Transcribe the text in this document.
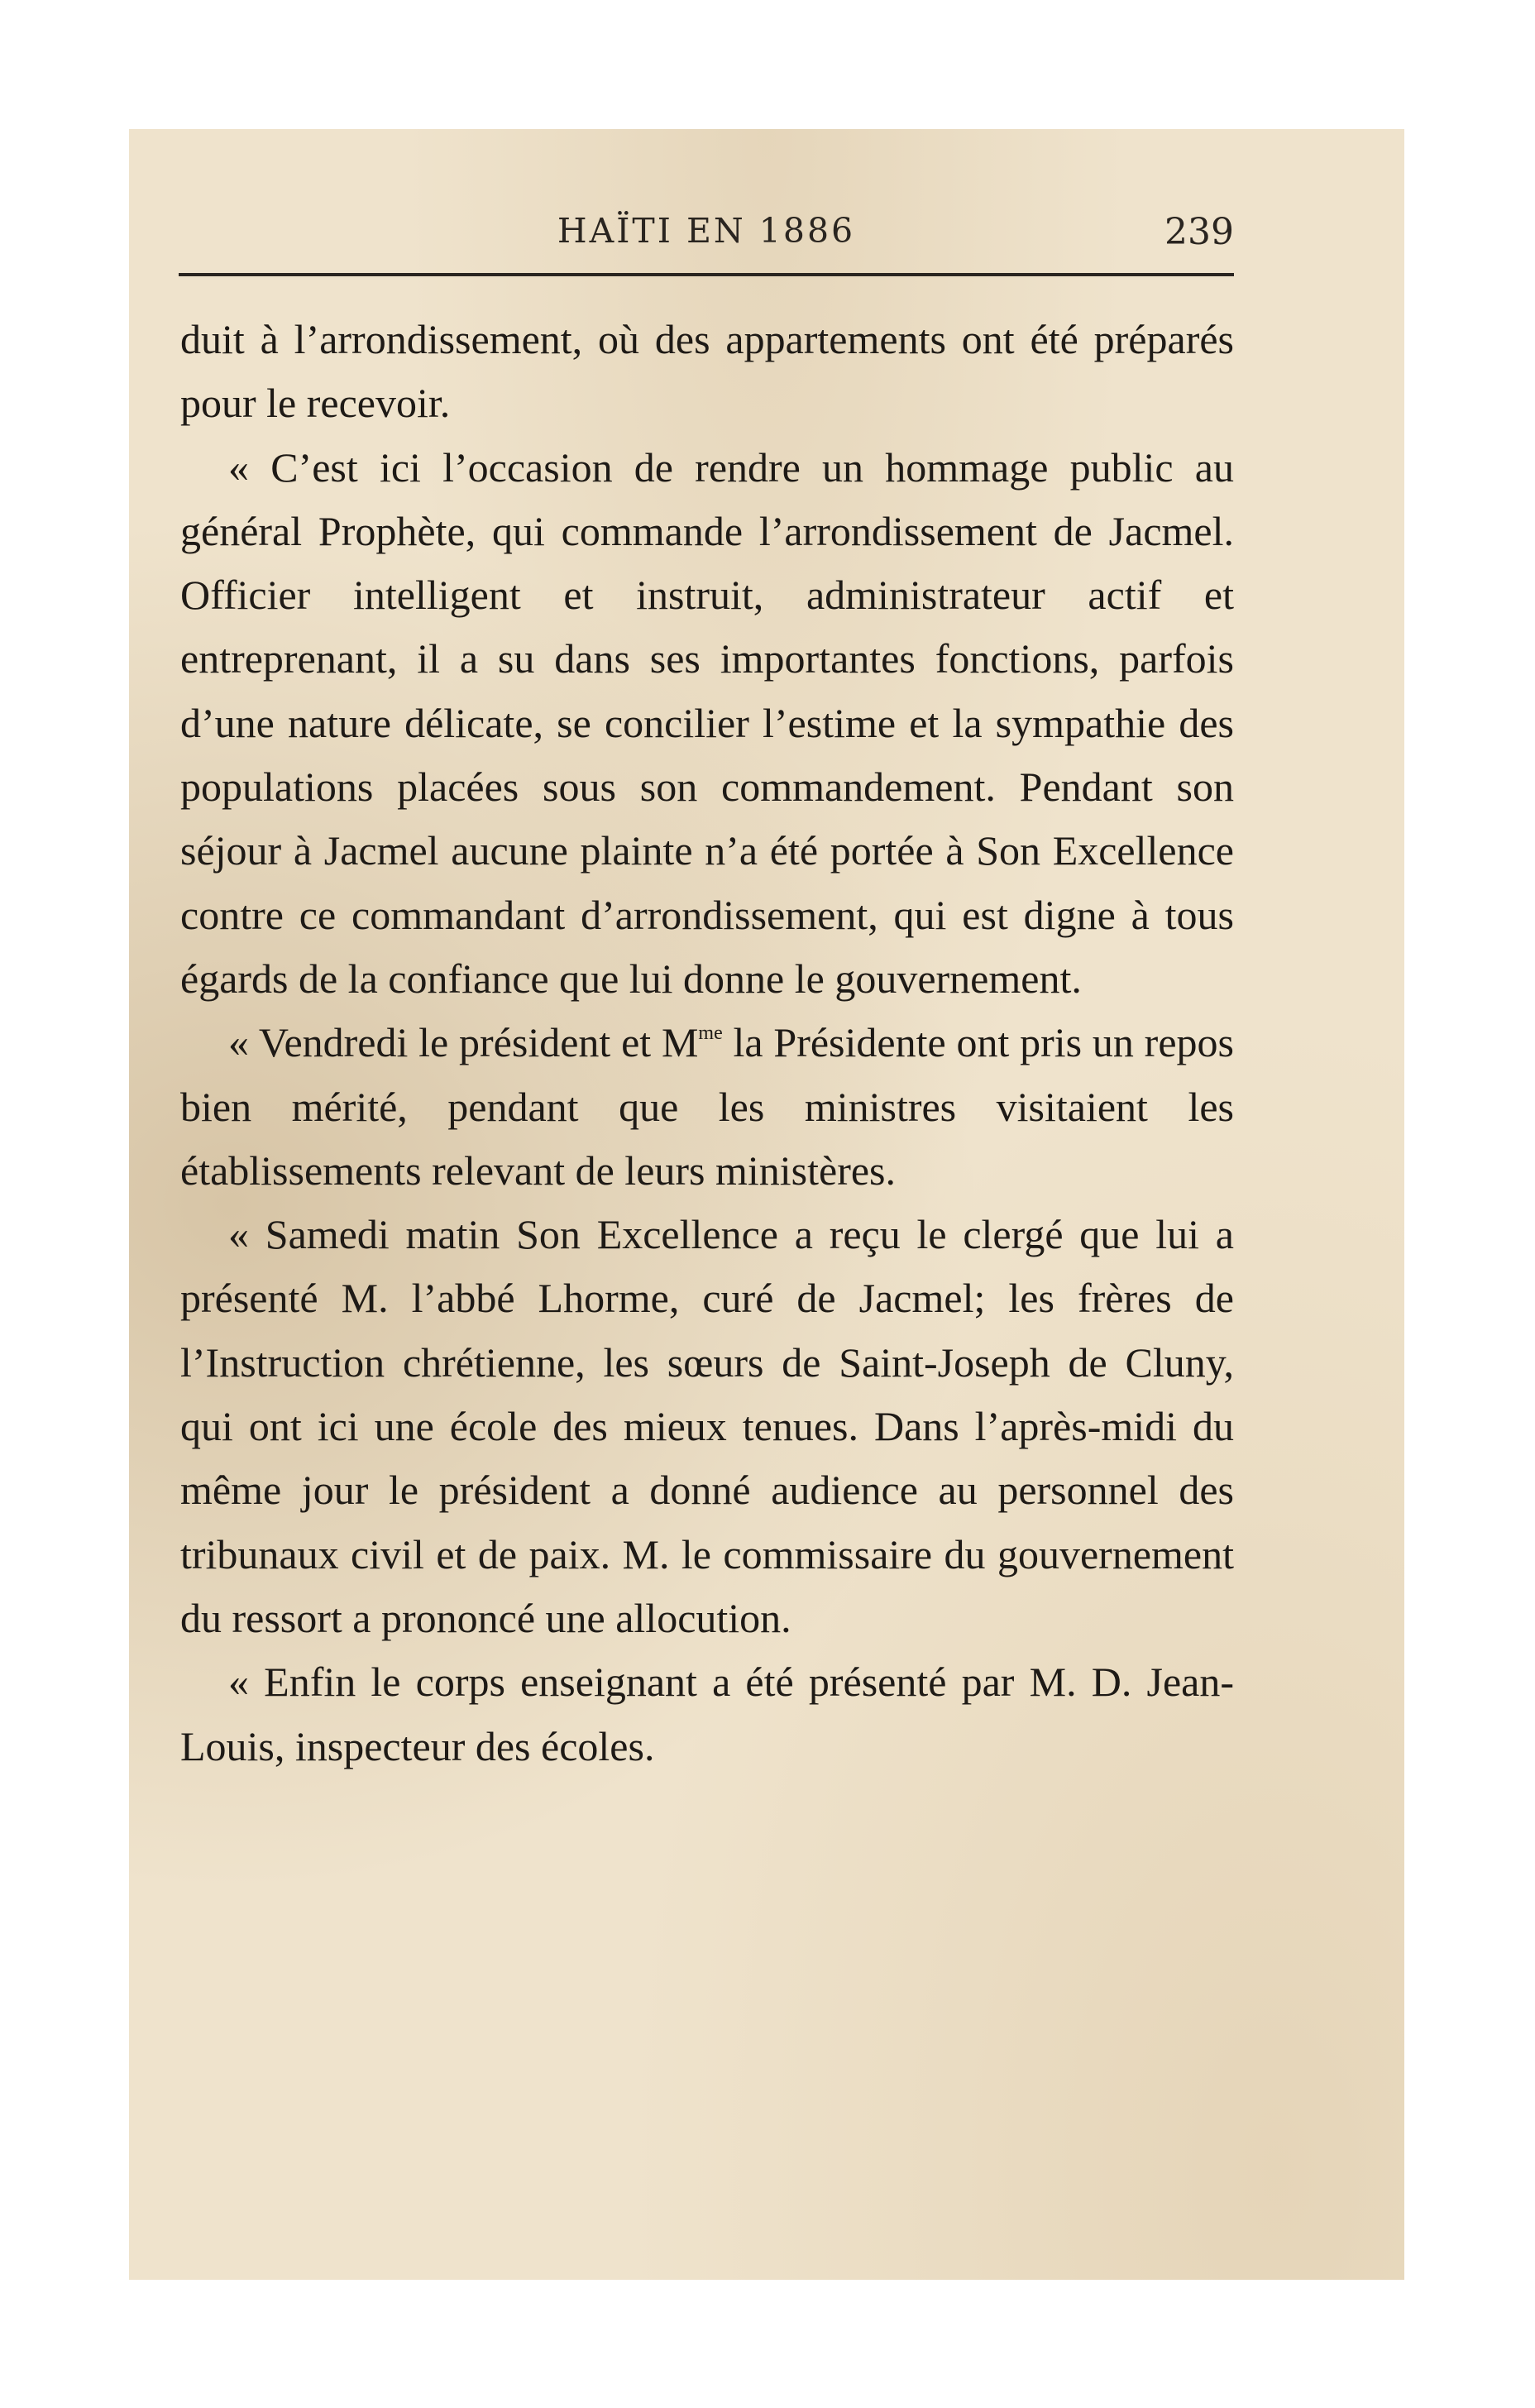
HAÏTI EN 1886	239

duit à l’arrondissement, où des appartements ont été préparés pour le recevoir.

« C’est ici l’occasion de rendre un hommage public au général Prophète, qui commande l’arrondissement de Jacmel. Officier intelligent et instruit, administrateur actif et entreprenant, il a su dans ses importantes fonctions, parfois d’une nature délicate, se concilier l’estime et la sympathie des populations placées sous son commandement. Pendant son séjour à Jacmel aucune plainte n’a été portée à Son Excellence contre ce commandant d’arrondissement, qui est digne à tous égards de la confiance que lui donne le gouvernement.

« Vendredi le président et $M^{me}$ la Présidente ont pris un repos bien mérité, pendant que les ministres visitaient les établissements relevant de leurs ministères.

« Samedi matin Son Excellence a reçu le clergé que lui a présenté M. l’abbé Lhorme, curé de Jacmel; les frères de l’Instruction chrétienne, les sœurs de Saint-Joseph de Cluny, qui ont ici une école des mieux tenues. Dans l’après-midi du même jour le président a donné audience au personnel des tribunaux civil et de paix. M. le commissaire du gouvernement du ressort a prononcé une allocution.

« Enfin le corps enseignant a été présenté par M. D. Jean-Louis, inspecteur des écoles.
